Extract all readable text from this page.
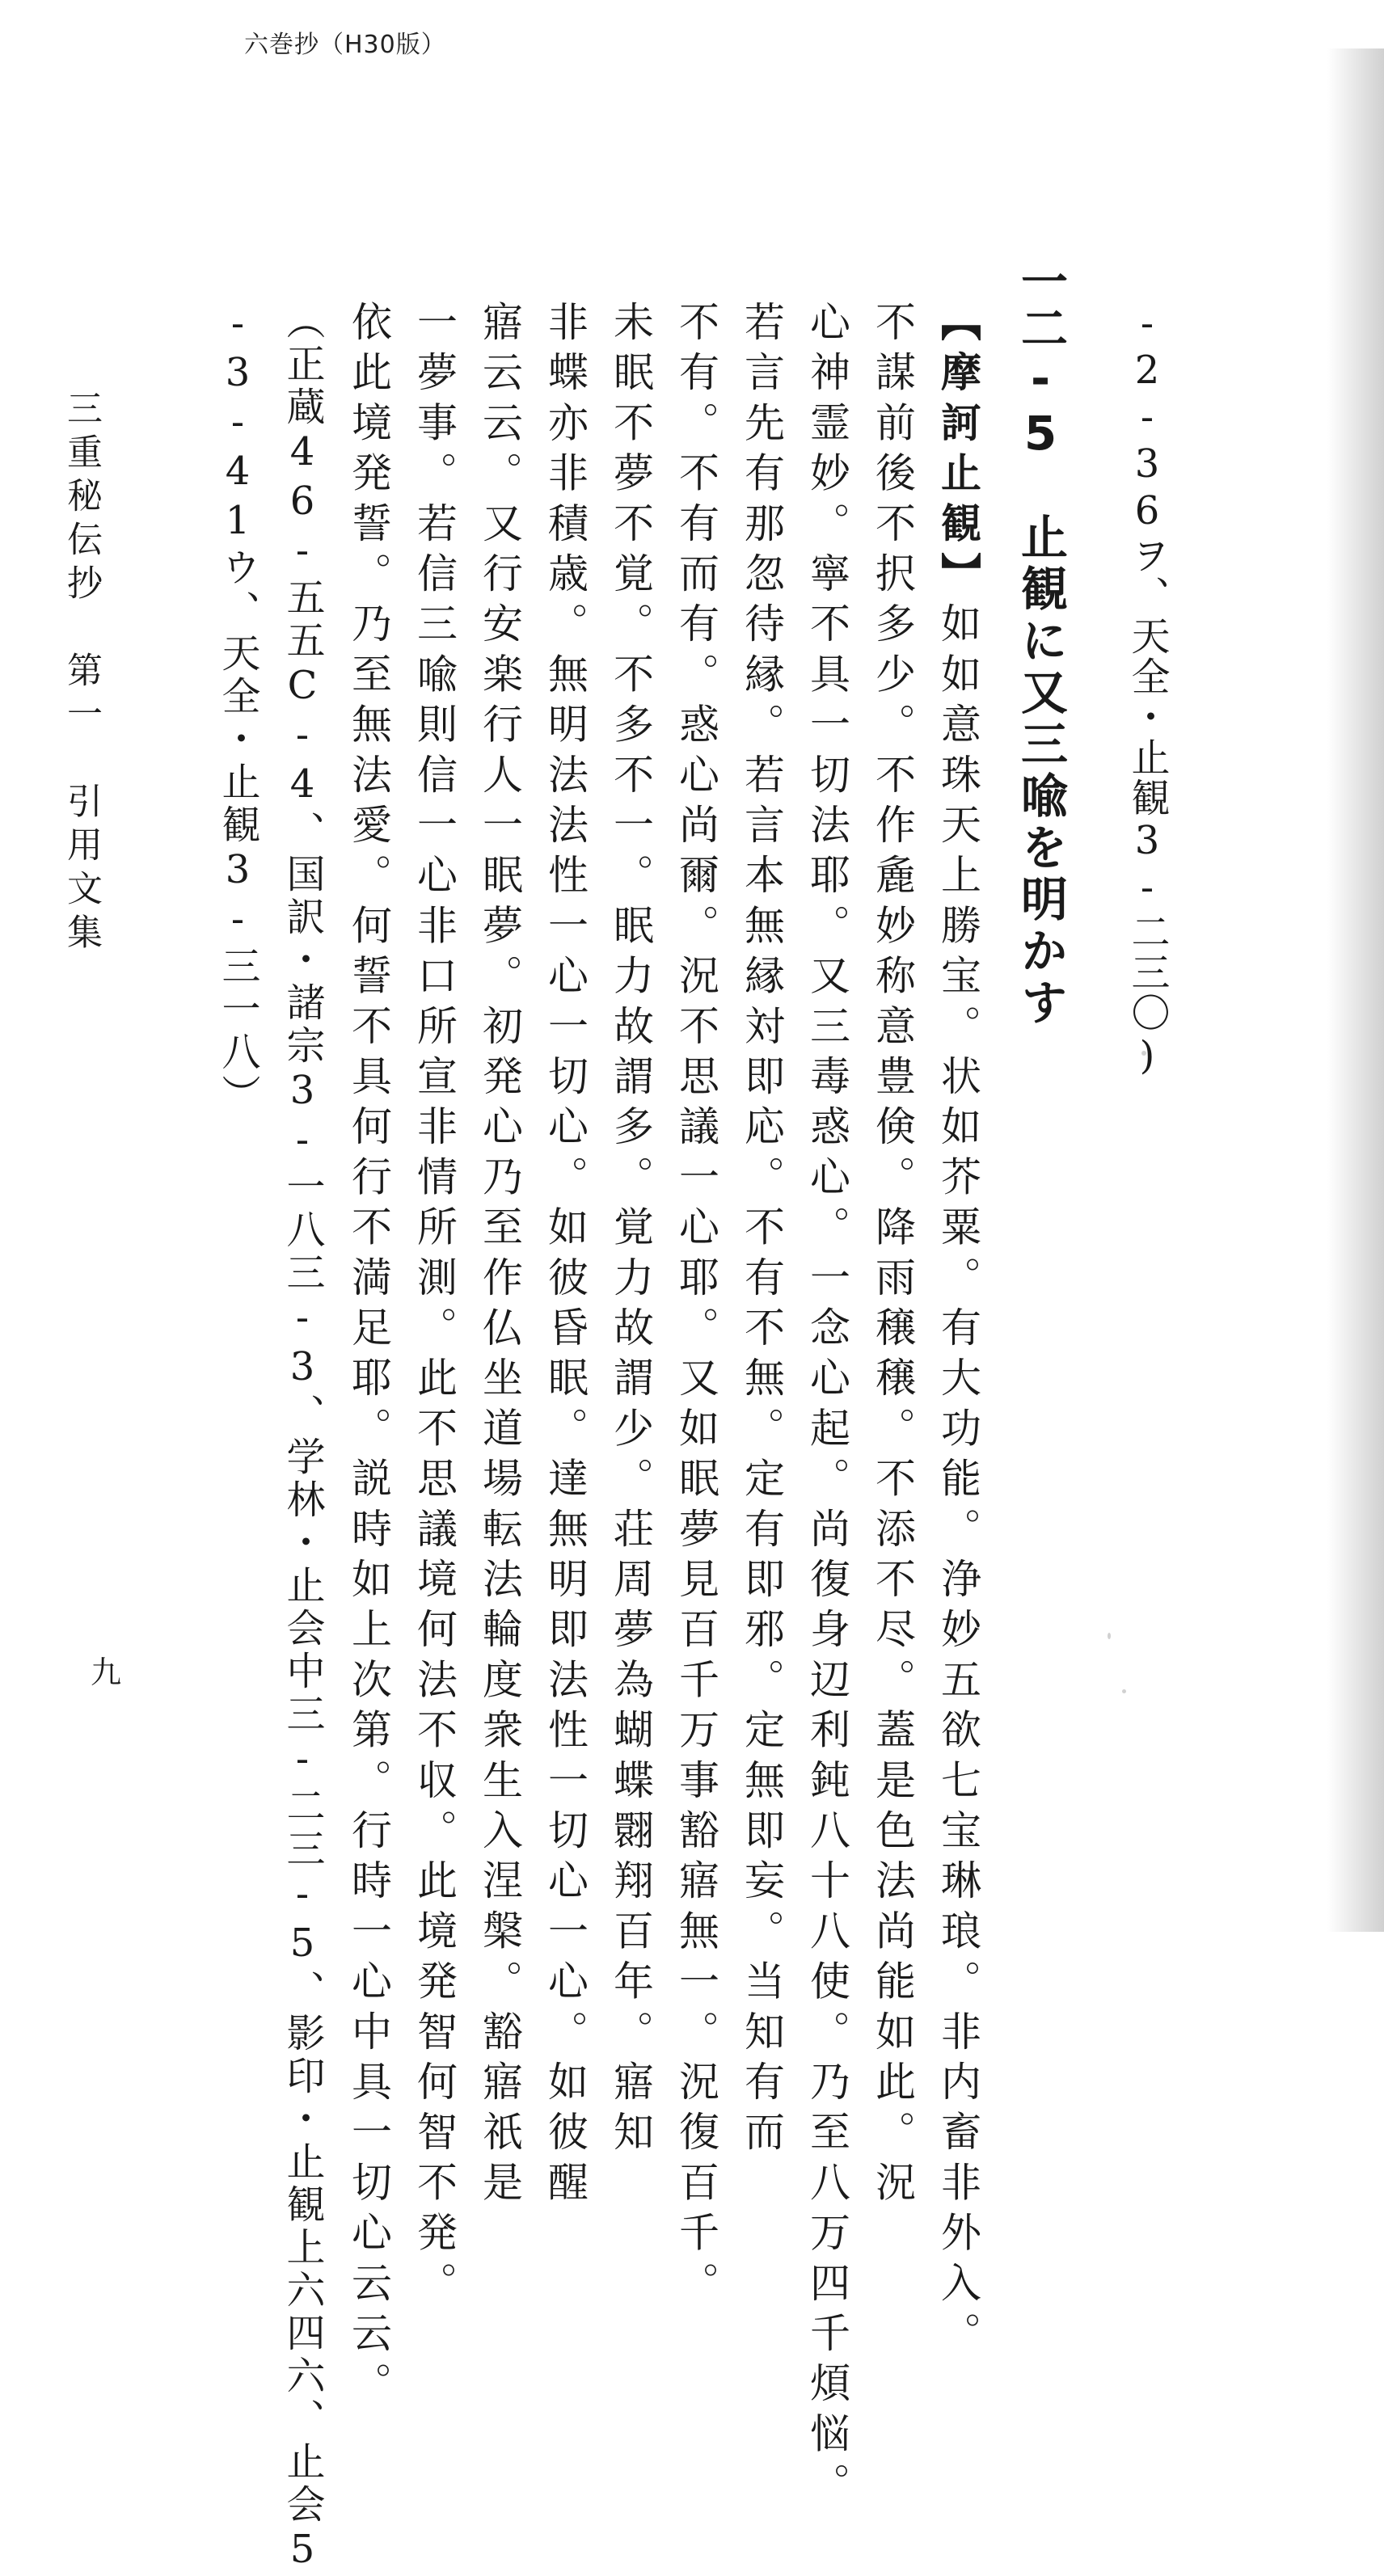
六巻抄（H30版）
-2-36ヲ、天全・止観3-二三〇)
一二-5　止観に又三喩を明かす
【摩訶止観】如如意珠天上勝宝。状如芥粟。有大功能。浄妙五欲七宝琳琅。非内畜非外入。
不謀前後不択多少。不作麁妙称意豊倹。降雨穣穣。不添不尽。蓋是色法尚能如此。況
心神霊妙。寧不具一切法耶。又三毒惑心。一念心起。尚復身辺利鈍八十八使。乃至八万四千煩悩。
若言先有那忽待縁。若言本無縁対即応。不有不無。定有即邪。定無即妄。当知有而
不有。不有而有。惑心尚爾。況不思議一心耶。又如眠夢見百千万事豁寤無一。況復百千。
未眠不夢不覚。不多不一。眠力故謂多。覚力故謂少。荘周夢為蝴蝶翾翔百年。寤知
非蝶亦非積歳。無明法法性一心一切心。如彼昏眠。達無明即法性一切心一心。如彼醒
寤云云。又行安楽行人一眠夢。初発心乃至作仏坐道場転法輪度衆生入涅槃。豁寤祇是
一夢事。若信三喩則信一心非口所宣非情所測。此不思議境何法不収。此境発智何智不発。
依此境発誓。乃至無法愛。何誓不具何行不満足耶。説時如上次第。行時一心中具一切心云云。
（正蔵46-五五C-4、国訳・諸宗3-一八三-3、学林・止会中三-二三-5、影印・止観上六四六、止会5
-3-41ウ、天全・止観3-三一八）
三重秘伝抄　第一　引用文集
九
